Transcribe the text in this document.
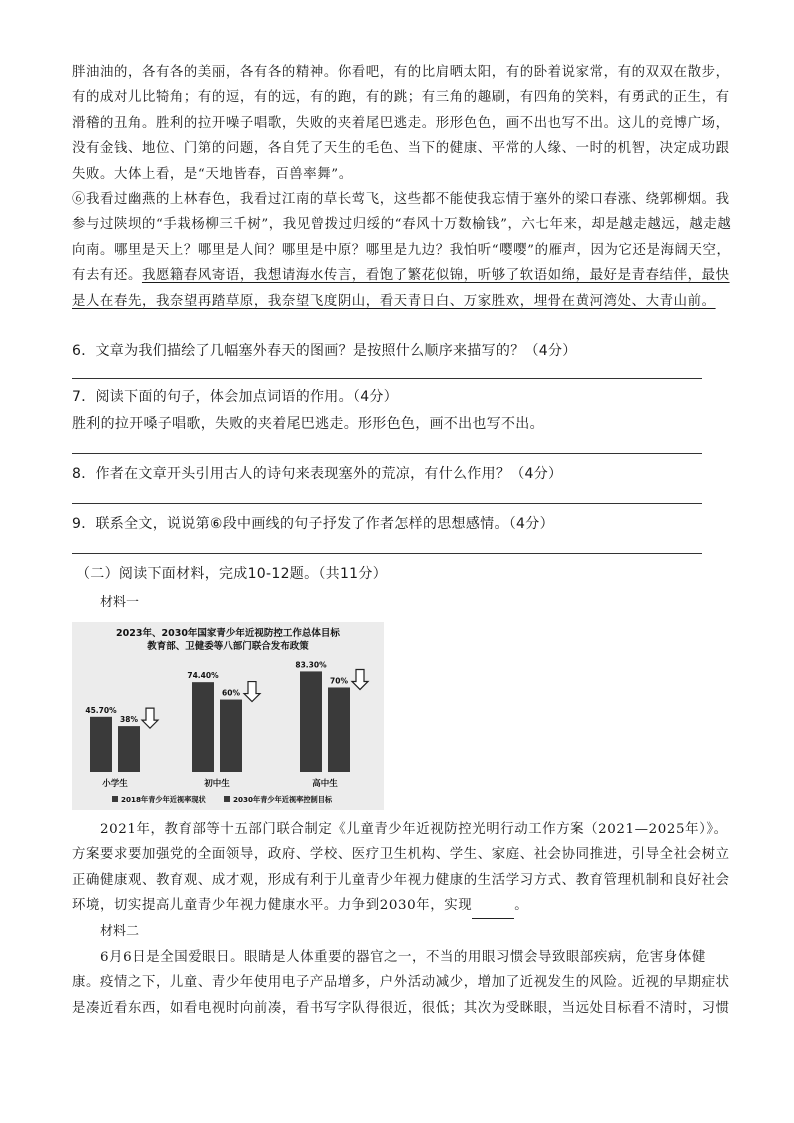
胖油油的，各有各的美丽，各有各的精神。你看吧，有的比肩晒太阳，有的卧着说家常，有的双双在散步，有的成对儿比犄角；有的逗，有的远，有的跑，有的跳；有三角的趣刷，有四角的笑料，有勇武的正生，有滑稽的丑角。胜利的拉开噪子唱歌，失败的夹着尾巴逃走。形形色色，画不出也写不出。这儿的竞博广场，没有金钱、地位、门第的问题，各自凭了天生的毛色、当下的健康、平常的人缘、一时的机智，决定成功跟失败。大体上看，是“天地皆春，百兽率舞”。

⑥我看过幽燕的上林春色，我看过江南的草长莺飞，这些都不能使我忘情于塞外的梁口春涨、绕郭柳烟。我参与过陕坝的“手栽杨柳三千树”，我见曾拨过归绥的“春风十万数榆钱”，六七年来，却是越走越远，越走越向南。哪里是天上？哪里是人间？哪里是中原？哪里是九边？我怕听“嘤嘤”的雁声，因为它还是海阔天空，有去有还。我愿籍春风寄语，我想请海水传言，看饱了繁花似锦，听够了软语如绵，最好是青春结伴，最快是人在春先，我奈望再踏草原，我奈望飞度阴山，看天青日白、万家胜欢，埋骨在黄河湾处、大青山前。

6．文章为我们描绘了几幅塞外春天的图画？是按照什么顺序来描写的？（4分）

7．阅读下面的句子，体会加点词语的作用。（4分）

胜利的拉开嗓子唱歌，失败的夹着尾巴逃走。形形色色，画不出也写不出。

8．作者在文章开头引用古人的诗句来表现塞外的荒凉，有什么作用？（4分）

9．联系全文，说说第⑥段中画线的句子抒发了作者怎样的思想感情。（4分）

（二）阅读下面材料，完成10-12题。（共11分）

材料一

2023年、2030年国家青少年近视防控工作总体目标
教育部、卫健委等八部门联合发布政策
45.70%
38%
小学生
74.40%
60%
初中生
83.30%
70%
高中生
2018年青少年近视率现状	2030年青少年近视率控制目标

2021年，教育部等十五部门联合制定《儿童青少年近视防控光明行动工作方案（2021—2025年）》。方案要求要加强党的全面领导，政府、学校、医疗卫生机构、学生、家庭、社会协同推进，引导全社会树立正确健康观、教育观、成才观，形成有利于儿童青少年视力健康的生活学习方式、教育管理机制和良好社会环境，切实提高儿童青少年视力健康水平。力争到2030年，实现	。

材料二

6月6日是全国爱眼日。眼睛是人体重要的器官之一，不当的用眼习惯会导致眼部疾病，危害身体健康。疫情之下，儿童、青少年使用电子产品增多，户外活动减少，增加了近视发生的风险。近视的早期症状是凑近看东西，如看电视时向前凑，看书写字队得很近，很低；其次为受眯眼，当远处目标看不清时，习惯
